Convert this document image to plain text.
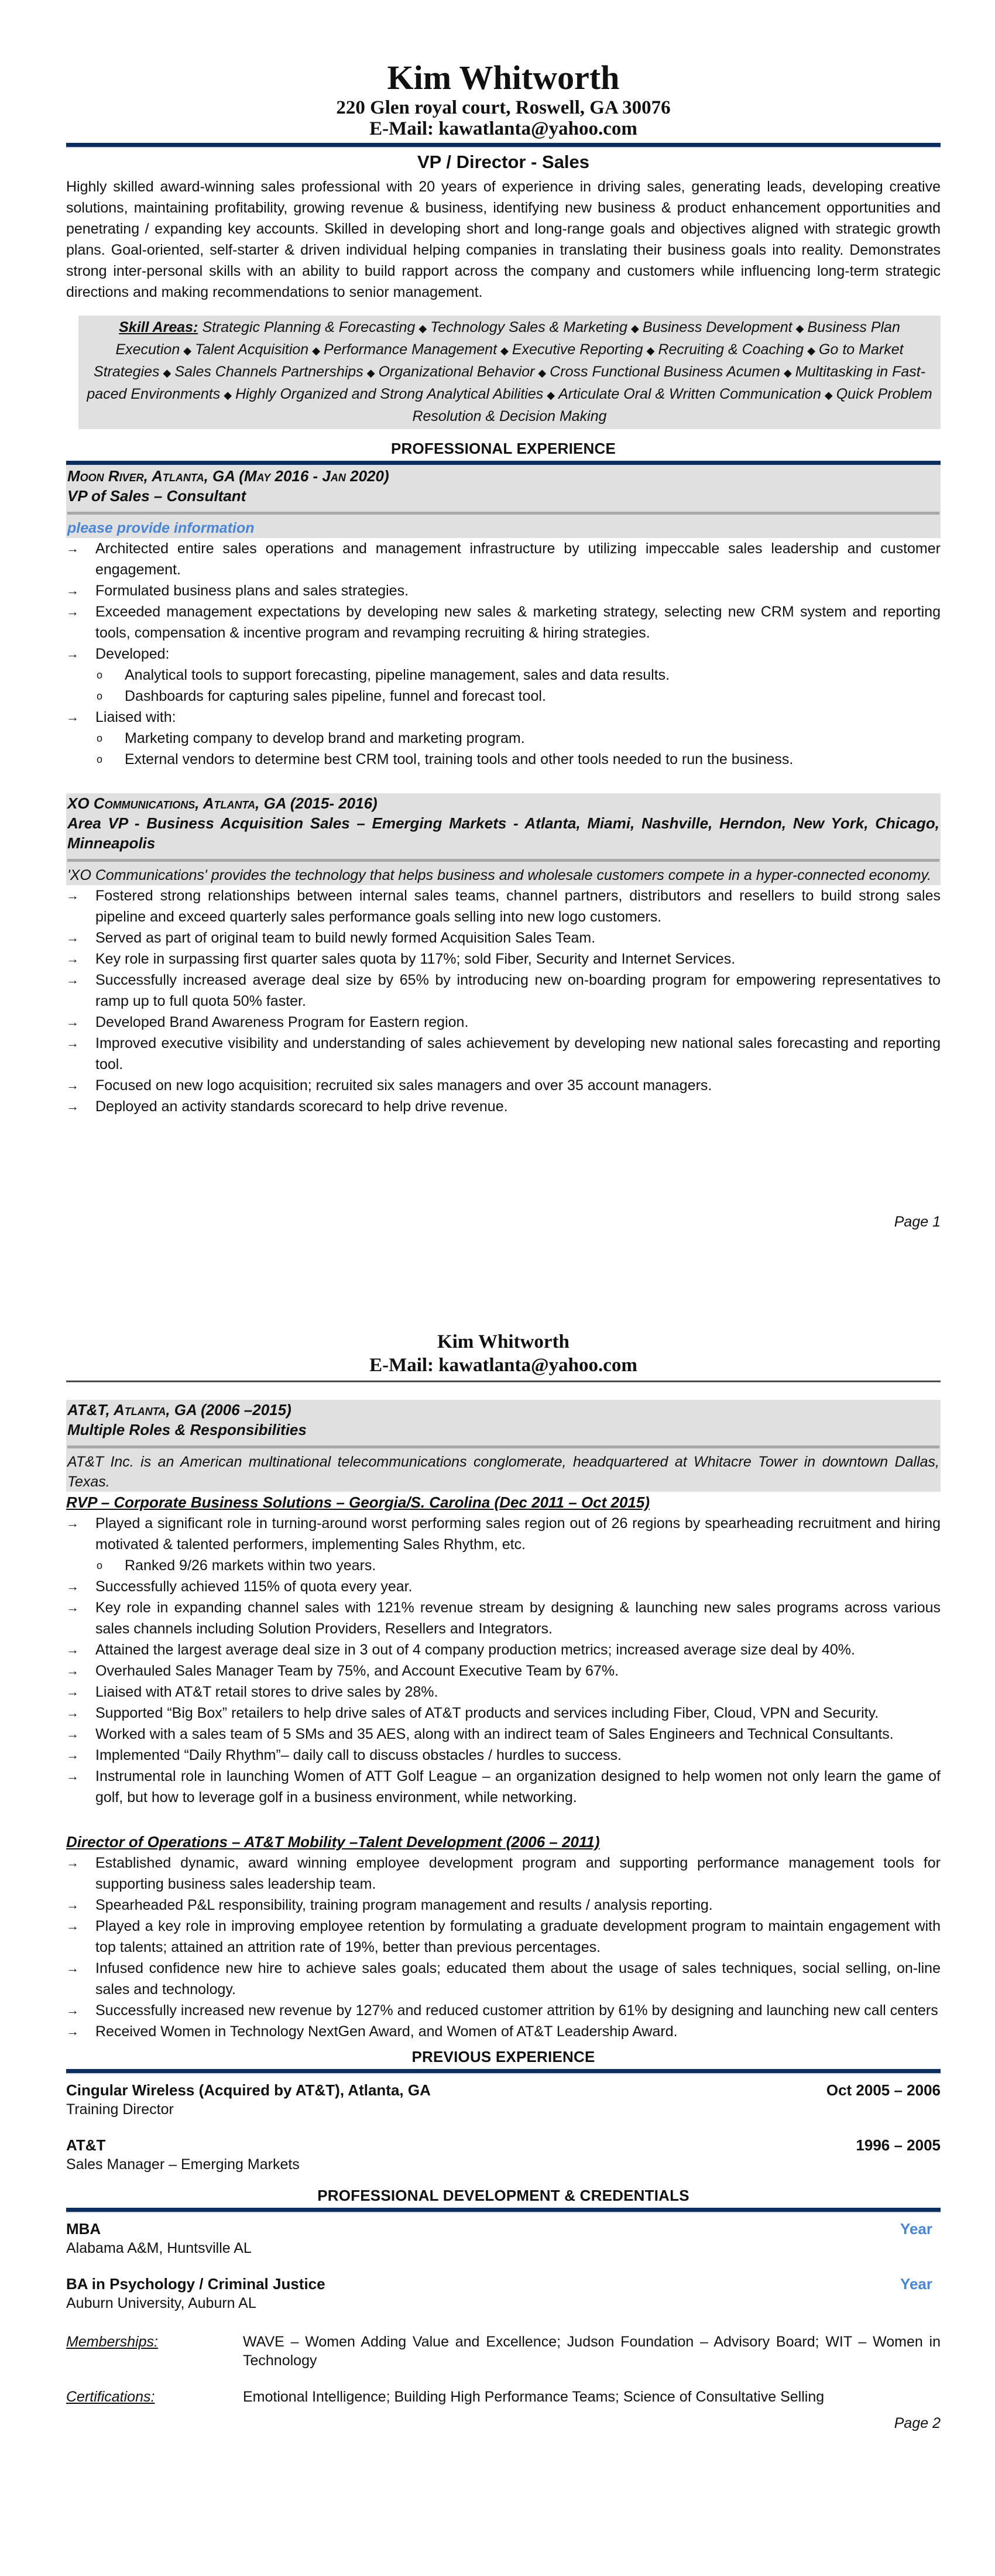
Kim Whitworth
220 Glen royal court, Roswell, GA 30076
E-Mail: kawatlanta@yahoo.com
VP / Director - Sales
Highly skilled award-winning sales professional with 20 years of experience in driving sales, generating leads, developing creative solutions, maintaining profitability, growing revenue & business, identifying new business & product enhancement opportunities and penetrating / expanding key accounts. Skilled in developing short and long-range goals and objectives aligned with strategic growth plans. Goal-oriented, self-starter & driven individual helping companies in translating their business goals into reality. Demonstrates strong inter-personal skills with an ability to build rapport across the company and customers while influencing long-term strategic directions and making recommendations to senior management.
Skill Areas: Strategic Planning & Forecasting ◆ Technology Sales & Marketing ◆ Business Development ◆ Business Plan Execution ◆ Talent Acquisition ◆ Performance Management ◆ Executive Reporting ◆ Recruiting & Coaching ◆ Go to Market Strategies ◆ Sales Channels Partnerships ◆ Organizational Behavior ◆ Cross Functional Business Acumen ◆ Multitasking in Fast-paced Environments ◆ Highly Organized and Strong Analytical Abilities ◆ Articulate Oral & Written Communication ◆ Quick Problem Resolution & Decision Making
PROFESSIONAL EXPERIENCE
Moon River, Atlanta, GA (May 2016 - Jan 2020)
VP of Sales – Consultant
please provide information
→ Architected entire sales operations and management infrastructure by utilizing impeccable sales leadership and customer engagement.
→ Formulated business plans and sales strategies.
→ Exceeded management expectations by developing new sales & marketing strategy, selecting new CRM system and reporting tools, compensation & incentive program and revamping recruiting & hiring strategies.
→ Developed:
o Analytical tools to support forecasting, pipeline management, sales and data results.
o Dashboards for capturing sales pipeline, funnel and forecast tool.
→ Liaised with:
o Marketing company to develop brand and marketing program.
o External vendors to determine best CRM tool, training tools and other tools needed to run the business.
XO Communications, Atlanta, GA (2015- 2016)
Area VP - Business Acquisition Sales – Emerging Markets - Atlanta, Miami, Nashville, Herndon, New York, Chicago, Minneapolis
'XO Communications' provides the technology that helps business and wholesale customers compete in a hyper-connected economy.
→ Fostered strong relationships between internal sales teams, channel partners, distributors and resellers to build strong sales pipeline and exceed quarterly sales performance goals selling into new logo customers.
→ Served as part of original team to build newly formed Acquisition Sales Team.
→ Key role in surpassing first quarter sales quota by 117%; sold Fiber, Security and Internet Services.
→ Successfully increased average deal size by 65% by introducing new on-boarding program for empowering representatives to ramp up to full quota 50% faster.
→ Developed Brand Awareness Program for Eastern region.
→ Improved executive visibility and understanding of sales achievement by developing new national sales forecasting and reporting tool.
→ Focused on new logo acquisition; recruited six sales managers and over 35 account managers.
→ Deployed an activity standards scorecard to help drive revenue.
Page 1
Kim Whitworth
E-Mail: kawatlanta@yahoo.com
AT&T, Atlanta, GA (2006 –2015)
Multiple Roles & Responsibilities
AT&T Inc. is an American multinational telecommunications conglomerate, headquartered at Whitacre Tower in downtown Dallas, Texas.
RVP – Corporate Business Solutions – Georgia/S. Carolina (Dec 2011 – Oct 2015)
→ Played a significant role in turning-around worst performing sales region out of 26 regions by spearheading recruitment and hiring motivated & talented performers, implementing Sales Rhythm, etc.
o Ranked 9/26 markets within two years.
→ Successfully achieved 115% of quota every year.
→ Key role in expanding channel sales with 121% revenue stream by designing & launching new sales programs across various sales channels including Solution Providers, Resellers and Integrators.
→ Attained the largest average deal size in 3 out of 4 company production metrics; increased average size deal by 40%.
→ Overhauled Sales Manager Team by 75%, and Account Executive Team by 67%.
→ Liaised with AT&T retail stores to drive sales by 28%.
→ Supported “Big Box” retailers to help drive sales of AT&T products and services including Fiber, Cloud, VPN and Security.
→ Worked with a sales team of 5 SMs and 35 AES, along with an indirect team of Sales Engineers and Technical Consultants.
→ Implemented “Daily Rhythm”– daily call to discuss obstacles / hurdles to success.
→ Instrumental role in launching Women of ATT Golf League – an organization designed to help women not only learn the game of golf, but how to leverage golf in a business environment, while networking.
Director of Operations – AT&T Mobility –Talent Development (2006 – 2011)
→ Established dynamic, award winning employee development program and supporting performance management tools for supporting business sales leadership team.
→ Spearheaded P&L responsibility, training program management and results / analysis reporting.
→ Played a key role in improving employee retention by formulating a graduate development program to maintain engagement with top talents; attained an attrition rate of 19%, better than previous percentages.
→ Infused confidence new hire to achieve sales goals; educated them about the usage of sales techniques, social selling, on-line sales and technology.
→ Successfully increased new revenue by 127% and reduced customer attrition by 61% by designing and launching new call centers
→ Received Women in Technology NextGen Award, and Women of AT&T Leadership Award.
PREVIOUS EXPERIENCE
Cingular Wireless (Acquired by AT&T), Atlanta, GA	Oct 2005 – 2006
Training Director
AT&T	1996 – 2005
Sales Manager – Emerging Markets
PROFESSIONAL DEVELOPMENT & CREDENTIALS
MBA	Year
Alabama A&M, Huntsville AL
BA in Psychology / Criminal Justice	Year
Auburn University, Auburn AL
Memberships:	WAVE – Women Adding Value and Excellence; Judson Foundation – Advisory Board; WIT – Women in Technology
Certifications:	Emotional Intelligence; Building High Performance Teams; Science of Consultative Selling
Page 2
